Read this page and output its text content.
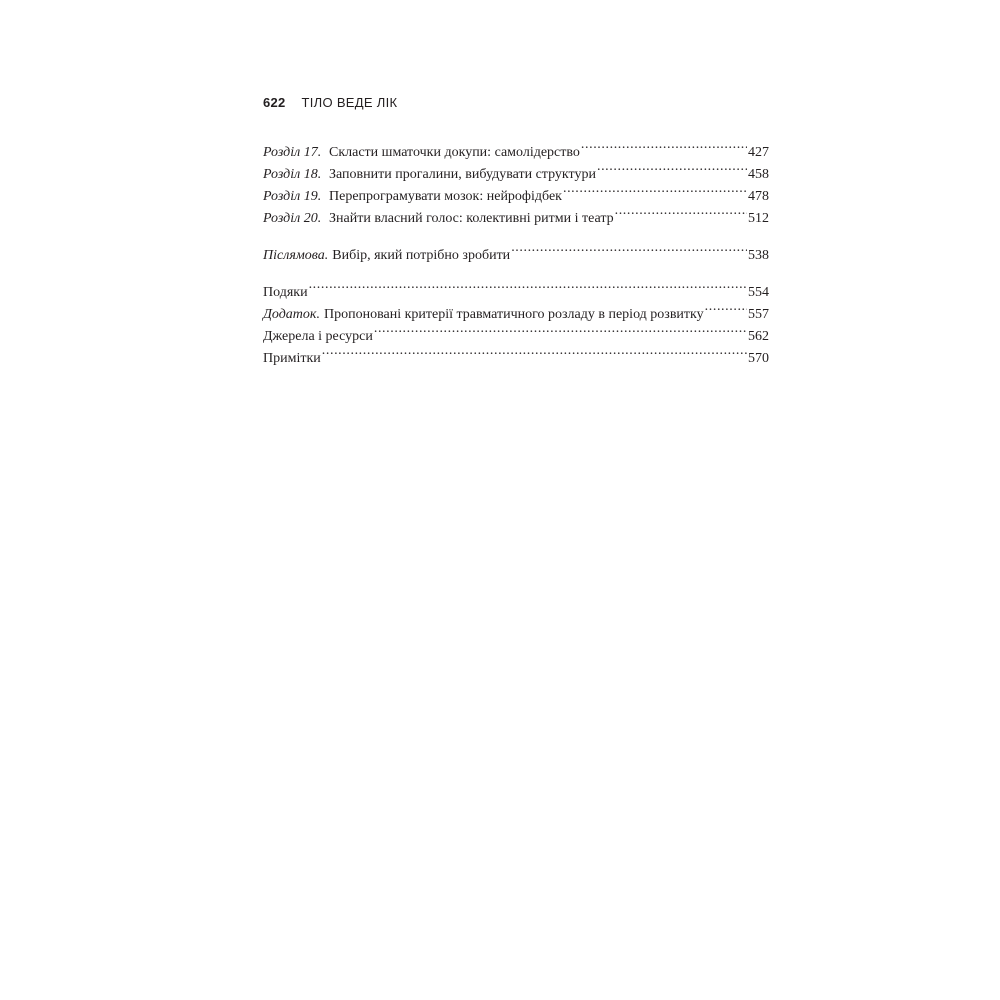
622 ТІЛО ВЕДЕ ЛІК
Розділ 17. Скласти шматочки докупи: самолідерство .....	427
Розділ 18. Заповнити прогалини, вибудувати структури .....	458
Розділ 19. Перепрограмувати мозок: нейрофідбек .....	478
Розділ 20. Знайти власний голос: колективні ритми і театр .....	512
Післямова. Вибір, який потрібно зробити .....	538
Подяки .....	554
Додаток. Пропоновані критерії травматичного розладу в період розвитку .....	557
Джерела і ресурси .....	562
Примітки .....	570
